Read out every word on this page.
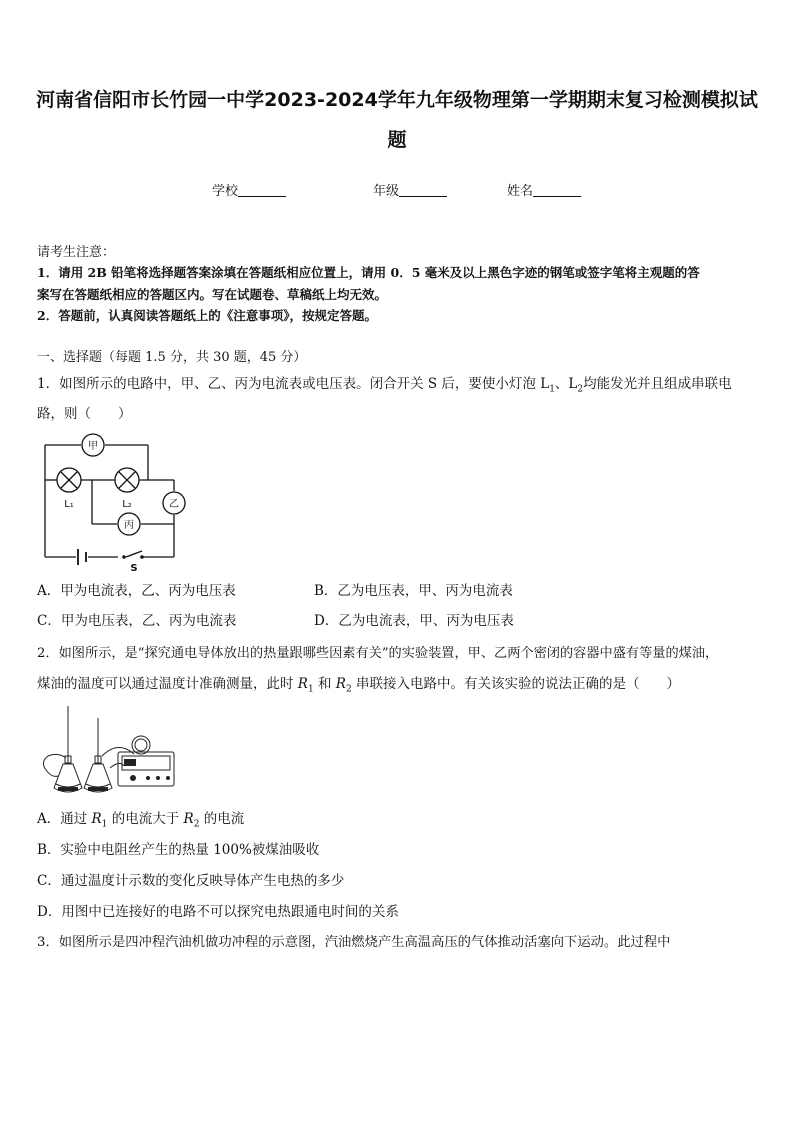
河南省信阳市长竹园一中学2023-2024学年九年级物理第一学期期末复习检测模拟试
题
学校	年级	姓名
请考生注意：
1．请用 2B 铅笔将选择题答案涂填在答题纸相应位置上，请用 0．5 毫米及以上黑色字迹的钢笔或签字笔将主观题的答
案写在答题纸相应的答题区内。写在试题卷、草稿纸上均无效。
2．答题前，认真阅读答题纸上的《注意事项》，按规定答题。
一、选择题（每题 1.5 分，共 30 题，45 分）
1．如图所示的电路中，甲、乙、丙为电流表或电压表。闭合开关 S 后，要使小灯泡 $L_1$、$L_2$均能发光并且组成串联电
路，则（　　）
甲
乙
丙
L₁	L₂
S
A．甲为电流表，乙、丙为电压表	B．乙为电压表，甲、丙为电流表
C．甲为电压表，乙、丙为电流表	D．乙为电流表，甲、丙为电压表
2．如图所示，是“探究通电导体放出的热量跟哪些因素有关”的实验装置，甲、乙两个密闭的容器中盛有等量的煤油，
煤油的温度可以通过温度计准确测量，此时 $R_1$ 和 $R_2$ 串联接入电路中。有关该实验的说法正确的是（　　）
A．通过 $R_1$ 的电流大于 $R_2$ 的电流
B．实验中电阻丝产生的热量 100%被煤油吸收
C．通过温度计示数的变化反映导体产生电热的多少
D．用图中已连接好的电路不可以探究电热跟通电时间的关系
3．如图所示是四冲程汽油机做功冲程的示意图，汽油燃烧产生高温高压的气体推动活塞向下运动。此过程中
